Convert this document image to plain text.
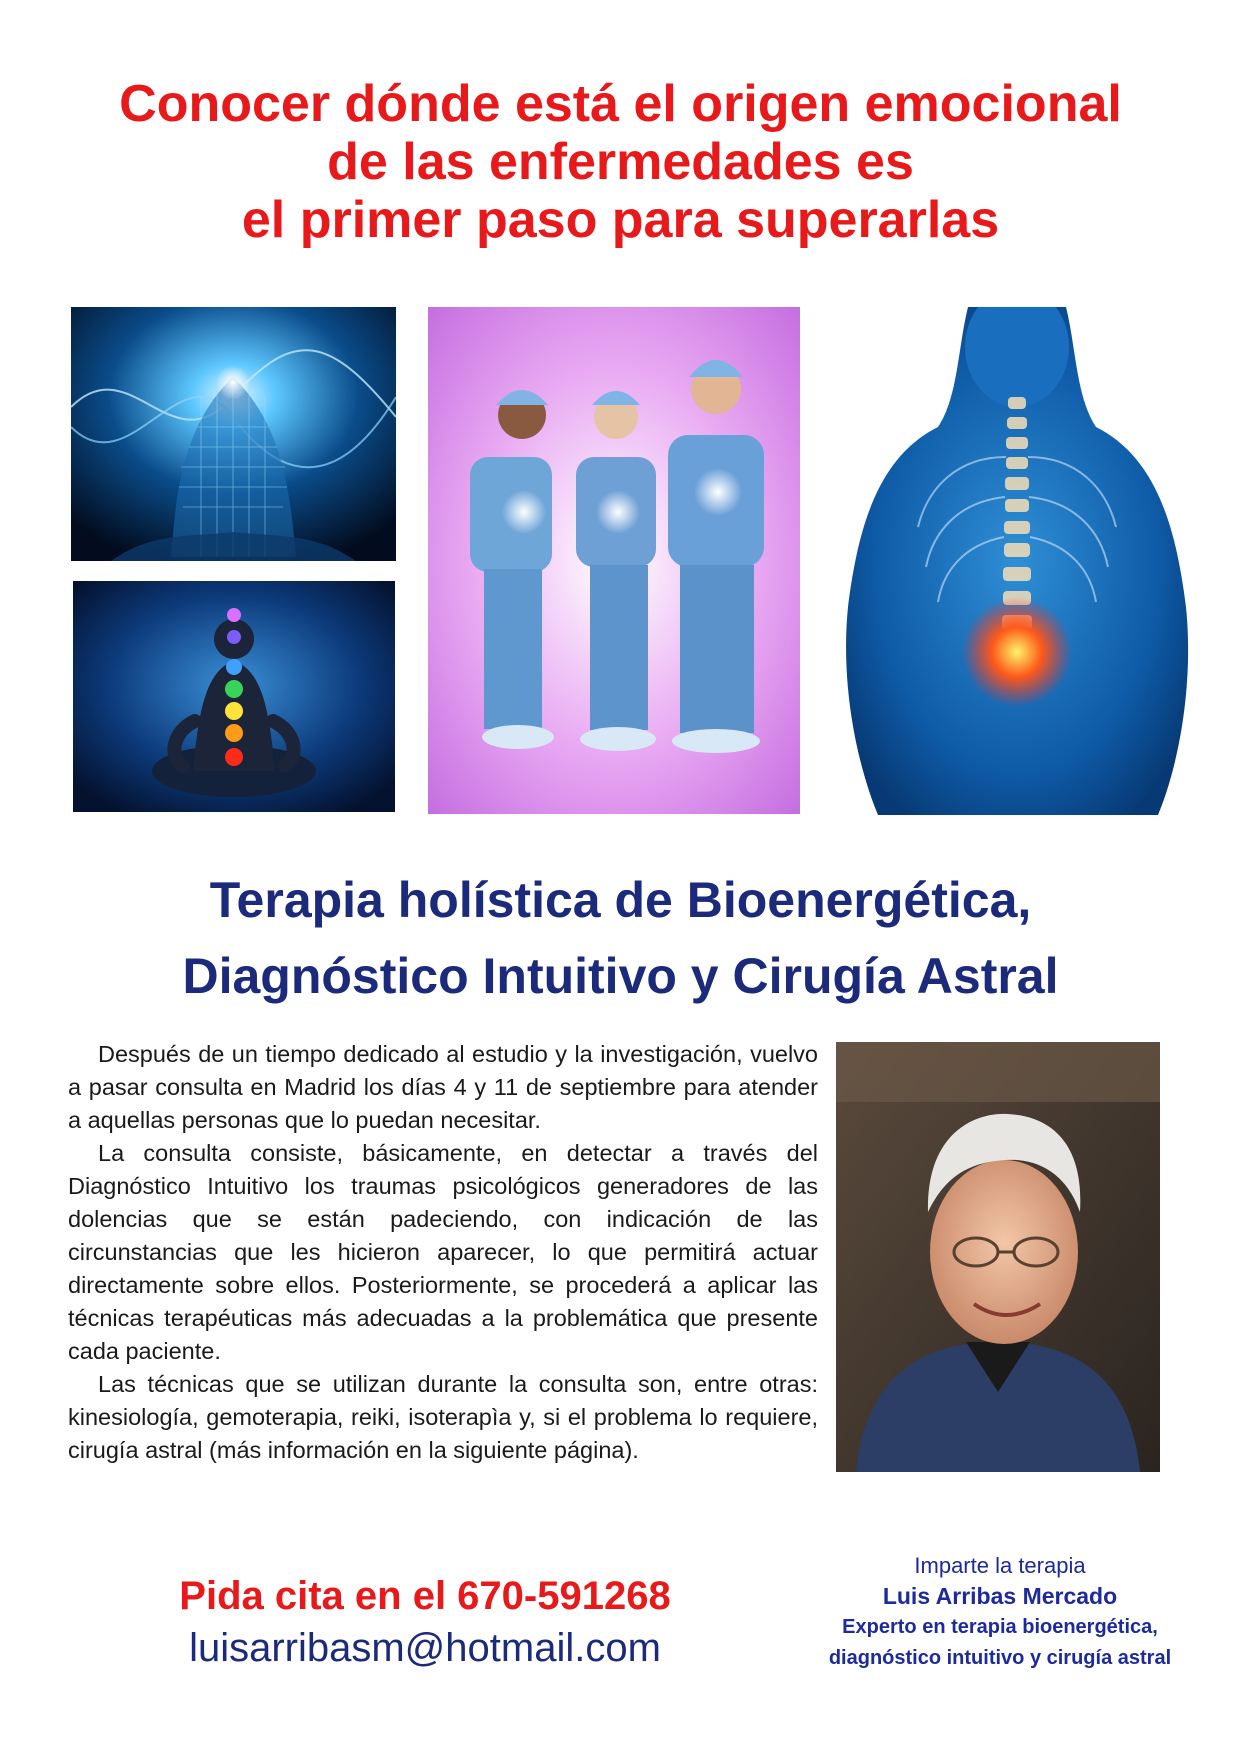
Conocer dónde está el origen emocional
de las enfermedades es
el primer paso para superarlas
Terapia holística de Bioenergética,
Diagnóstico Intuitivo y Cirugía Astral

Después de un tiempo dedicado al estudio y la investigación, vuelvo a pasar consulta en Madrid los días 4 y 11 de septiembre para atender a aquellas personas que lo puedan necesitar.

La consulta consiste, básicamente, en detectar a través del Diagnóstico Intuitivo los traumas psicológicos generadores de las dolencias que se están padeciendo, con indicación de las circunstancias que les hicieron aparecer, lo que permitirá actuar directamente sobre ellos. Posteriormente, se procederá a aplicar las técnicas terapéuticas más adecuadas a la problemática que presente cada paciente.

Las técnicas que se utilizan durante la consulta son, entre otras: kinesiología, gemoterapia, reiki, isoterapìa y, si el problema lo requiere, cirugía astral (más información en la siguiente página).

Pida cita en el 670-591268
luisarribasm@hotmail.com
Imparte la terapia
Luis Arribas Mercado
Experto en terapia bioenergética,
diagnóstico intuitivo y cirugía astral
